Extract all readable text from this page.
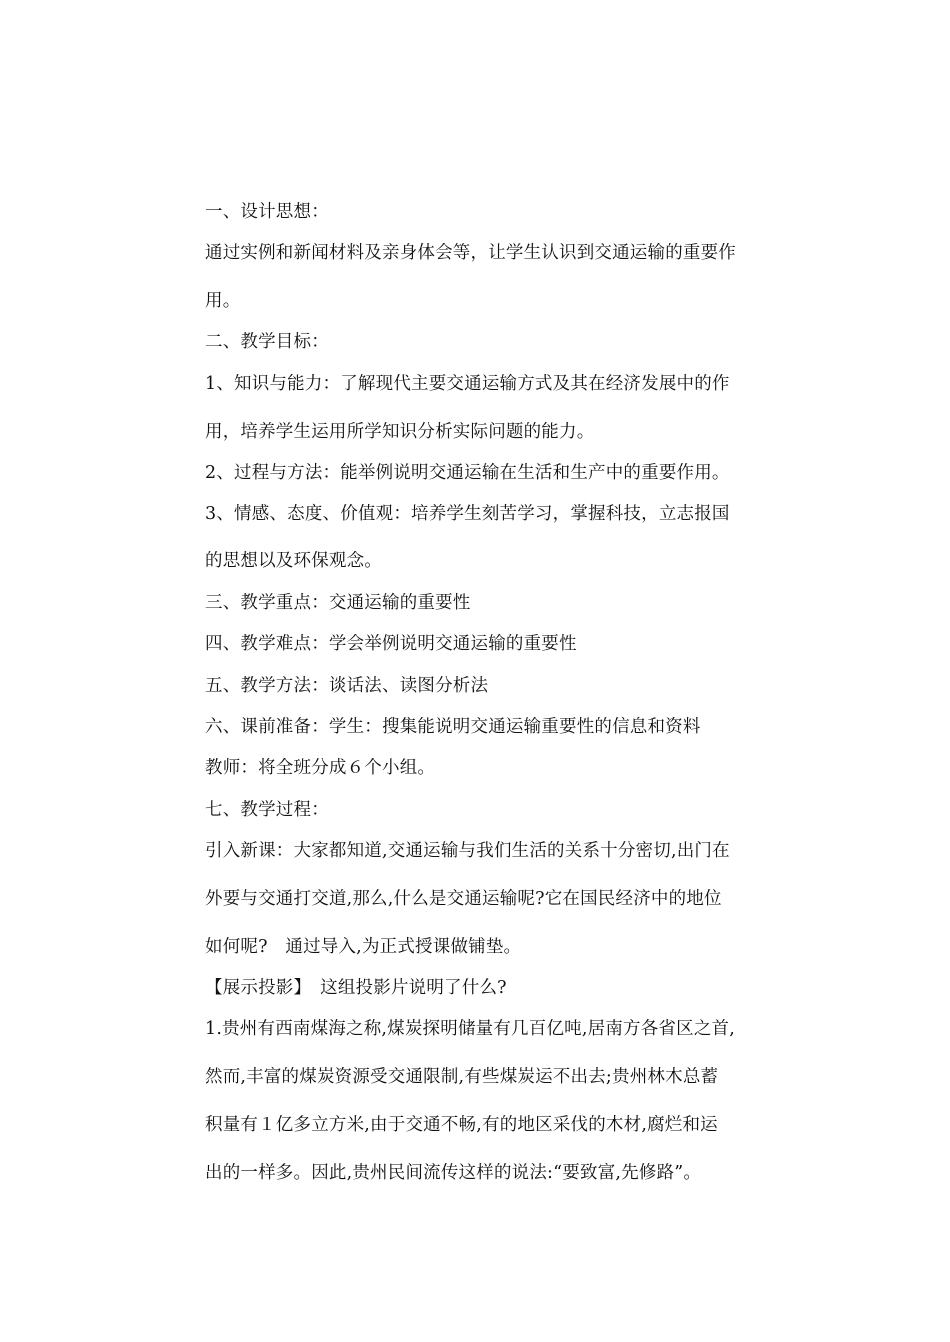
一、设计思想：
通过实例和新闻材料及亲身体会等，让学生认识到交通运输的重要作
用。
二、教学目标：
1、知识与能力：了解现代主要交通运输方式及其在经济发展中的作
用，培养学生运用所学知识分析实际问题的能力。
2、过程与方法：能举例说明交通运输在生活和生产中的重要作用。
3、情感、态度、价值观：培养学生刻苦学习，掌握科技，立志报国
的思想以及环保观念。
三、教学重点：交通运输的重要性
四、教学难点：学会举例说明交通运输的重要性
五、教学方法：谈话法、读图分析法
六、课前准备：学生：搜集能说明交通运输重要性的信息和资料
教师：将全班分成６个小组。
七、教学过程：
引入新课：大家都知道,交通运输与我们生活的关系十分密切,出门在
外要与交通打交道,那么,什么是交通运输呢?它在国民经济中的地位
如何呢?　通过导入,为正式授课做铺垫。
【展示投影】　这组投影片说明了什么?
1.贵州有西南煤海之称,煤炭探明储量有几百亿吨,居南方各省区之首,
然而,丰富的煤炭资源受交通限制,有些煤炭运不出去;贵州林木总蓄
积量有１亿多立方米,由于交通不畅,有的地区采伐的木材,腐烂和运
出的一样多。因此,贵州民间流传这样的说法:“要致富,先修路”。
